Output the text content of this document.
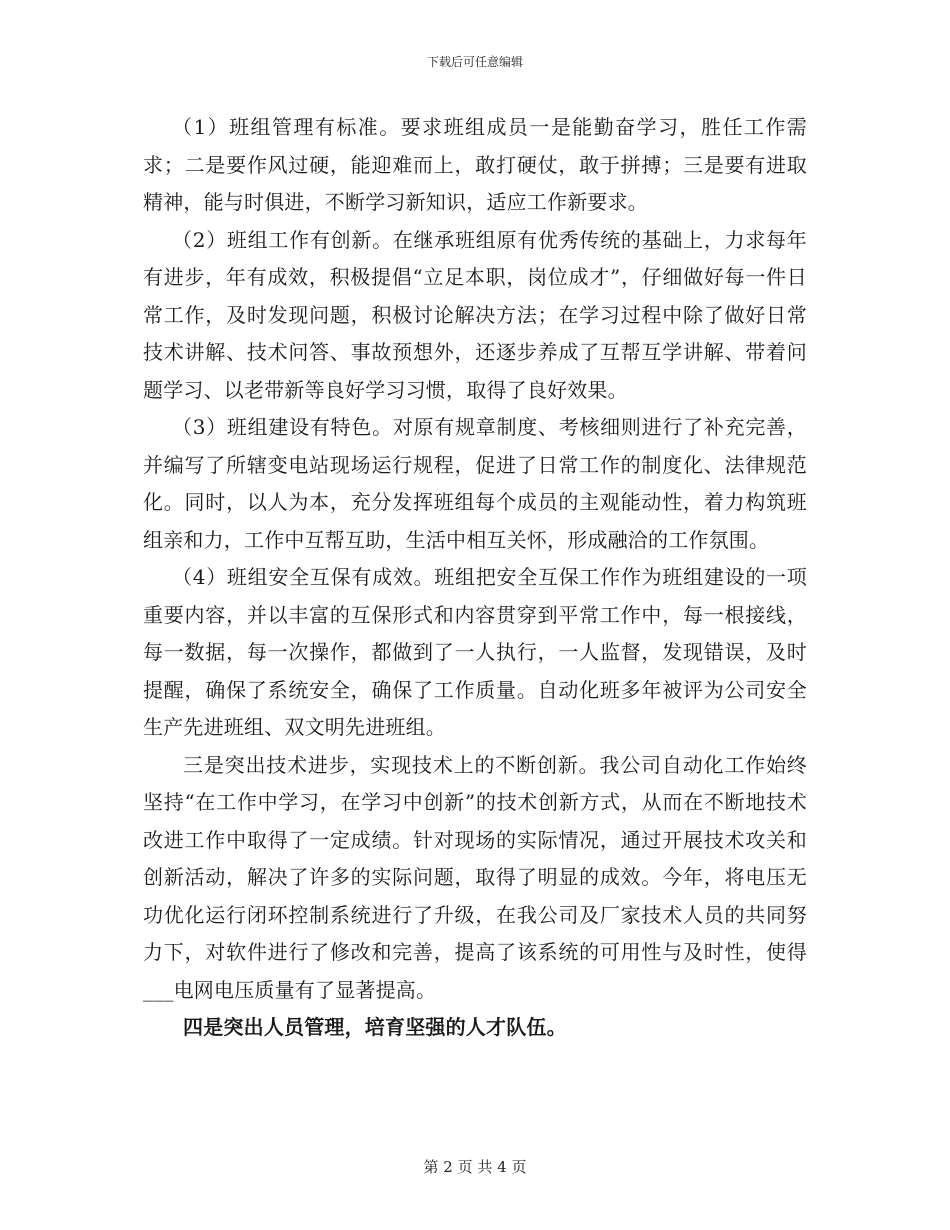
下载后可任意编辑

（1）班组管理有标准。要求班组成员一是能勤奋学习，胜任工作需求；二是要作风过硬，能迎难而上，敢打硬仗，敢于拼搏；三是要有进取精神，能与时俱进，不断学习新知识，适应工作新要求。

（2）班组工作有创新。在继承班组原有优秀传统的基础上，力求每年有进步，年有成效，积极提倡“立足本职，岗位成才”，仔细做好每一件日常工作，及时发现问题，积极讨论解决方法；在学习过程中除了做好日常技术讲解、技术问答、事故预想外，还逐步养成了互帮互学讲解、带着问题学习、以老带新等良好学习习惯，取得了良好效果。

（3）班组建设有特色。对原有规章制度、考核细则进行了补充完善，并编写了所辖变电站现场运行规程，促进了日常工作的制度化、法律规范化。同时，以人为本，充分发挥班组每个成员的主观能动性，着力构筑班组亲和力，工作中互帮互助，生活中相互关怀，形成融洽的工作氛围。

（4）班组安全互保有成效。班组把安全互保工作作为班组建设的一项重要内容，并以丰富的互保形式和内容贯穿到平常工作中，每一根接线，每一数据，每一次操作，都做到了一人执行，一人监督，发现错误，及时提醒，确保了系统安全，确保了工作质量。自动化班多年被评为公司安全生产先进班组、双文明先进班组。

三是突出技术进步，实现技术上的不断创新。我公司自动化工作始终坚持“在工作中学习，在学习中创新”的技术创新方式，从而在不断地技术改进工作中取得了一定成绩。针对现场的实际情况，通过开展技术攻关和创新活动，解决了许多的实际问题，取得了明显的成效。今年，将电压无功优化运行闭环控制系统进行了升级，在我公司及厂家技术人员的共同努力下，对软件进行了修改和完善，提高了该系统的可用性与及时性，使得___电网电压质量有了显著提高。

四是突出人员管理，培育坚强的人才队伍。

第 2 页 共 4 页
